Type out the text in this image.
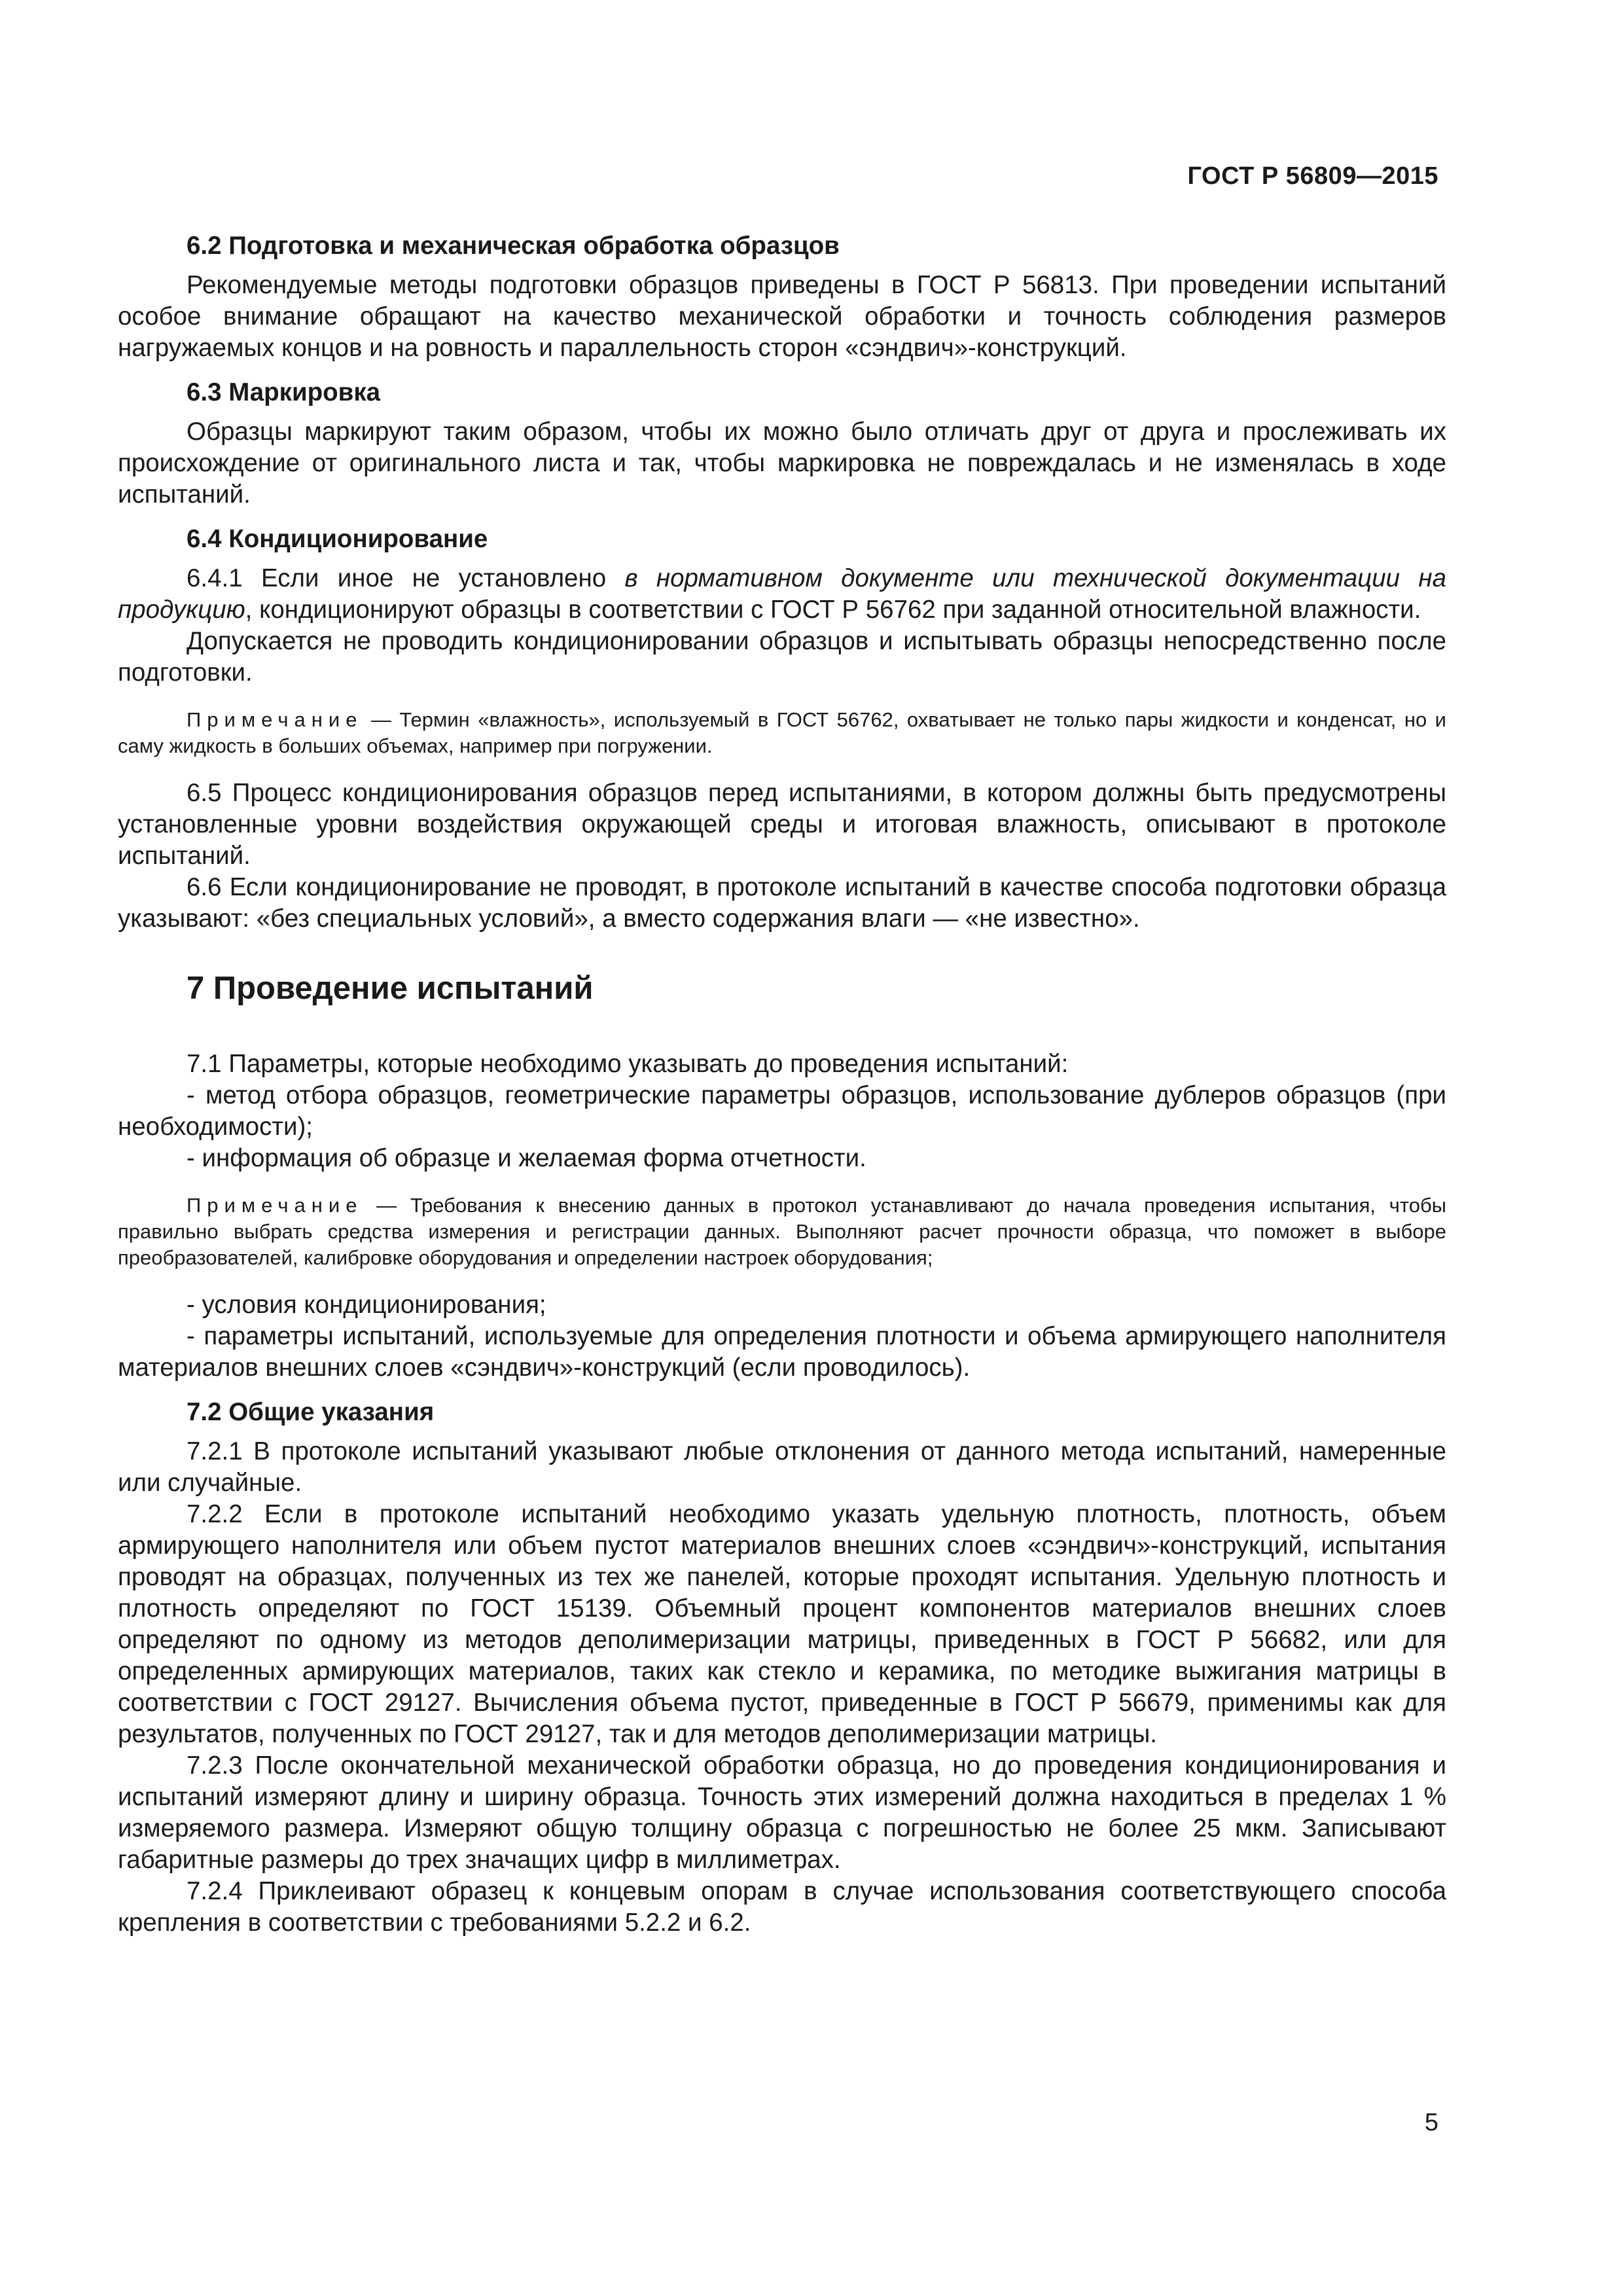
ГОСТ Р 56809—2015
6.2 Подготовка и механическая обработка образцов

Рекомендуемые методы подготовки образцов приведены в ГОСТ Р 56813. При проведении испытаний особое внимание обращают на качество механической обработки и точность соблюдения размеров нагружаемых концов и на ровность и параллельность сторон «сэндвич»-конструкций.

6.3 Маркировка

Образцы маркируют таким образом, чтобы их можно было отличать друг от друга и прослеживать их происхождение от оригинального листа и так, чтобы маркировка не повреждалась и не изменялась в ходе испытаний.

6.4 Кондиционирование

6.4.1 Если иное не установлено в нормативном документе или технической документации на продукцию, кондиционируют образцы в соответствии с ГОСТ Р 56762 при заданной относительной влажности.

Допускается не проводить кондиционировании образцов и испытывать образцы непосредственно после подготовки.

Примечание — Термин «влажность», используемый в ГОСТ 56762, охватывает не только пары жидкости и конденсат, но и саму жидкость в больших объемах, например при погружении.

6.5 Процесс кондиционирования образцов перед испытаниями, в котором должны быть предусмотрены установленные уровни воздействия окружающей среды и итоговая влажность, описывают в протоколе испытаний.

6.6 Если кондиционирование не проводят, в протоколе испытаний в качестве способа подготовки образца указывают: «без специальных условий», а вместо содержания влаги — «не известно».

7 Проведение испытаний

7.1 Параметры, которые необходимо указывать до проведения испытаний:

- метод отбора образцов, геометрические параметры образцов, использование дублеров образцов (при необходимости);

- информация об образце и желаемая форма отчетности.

Примечание — Требования к внесению данных в протокол устанавливают до начала проведения испытания, чтобы правильно выбрать средства измерения и регистрации данных. Выполняют расчет прочности образца, что поможет в выборе преобразователей, калибровке оборудования и определении настроек оборудования;

- условия кондиционирования;

- параметры испытаний, используемые для определения плотности и объема армирующего наполнителя материалов внешних слоев «сэндвич»-конструкций (если проводилось).

7.2 Общие указания

7.2.1 В протоколе испытаний указывают любые отклонения от данного метода испытаний, намеренные или случайные.

7.2.2 Если в протоколе испытаний необходимо указать удельную плотность, плотность, объем армирующего наполнителя или объем пустот материалов внешних слоев «сэндвич»-конструкций, испытания проводят на образцах, полученных из тех же панелей, которые проходят испытания. Удельную плотность и плотность определяют по ГОСТ 15139. Объемный процент компонентов материалов внешних слоев определяют по одному из методов деполимеризации матрицы, приведенных в ГОСТ Р 56682, или для определенных армирующих материалов, таких как стекло и керамика, по методике выжигания матрицы в соответствии с ГОСТ 29127. Вычисления объема пустот, приведенные в ГОСТ Р 56679, применимы как для результатов, полученных по ГОСТ 29127, так и для методов деполимеризации матрицы.

7.2.3 После окончательной механической обработки образца, но до проведения кондиционирования и испытаний измеряют длину и ширину образца. Точность этих измерений должна находиться в пределах 1 % измеряемого размера. Измеряют общую толщину образца с погрешностью не более 25 мкм. Записывают габаритные размеры до трех значащих цифр в миллиметрах.

7.2.4 Приклеивают образец к концевым опорам в случае использования соответствующего способа крепления в соответствии с требованиями 5.2.2 и 6.2.

5
